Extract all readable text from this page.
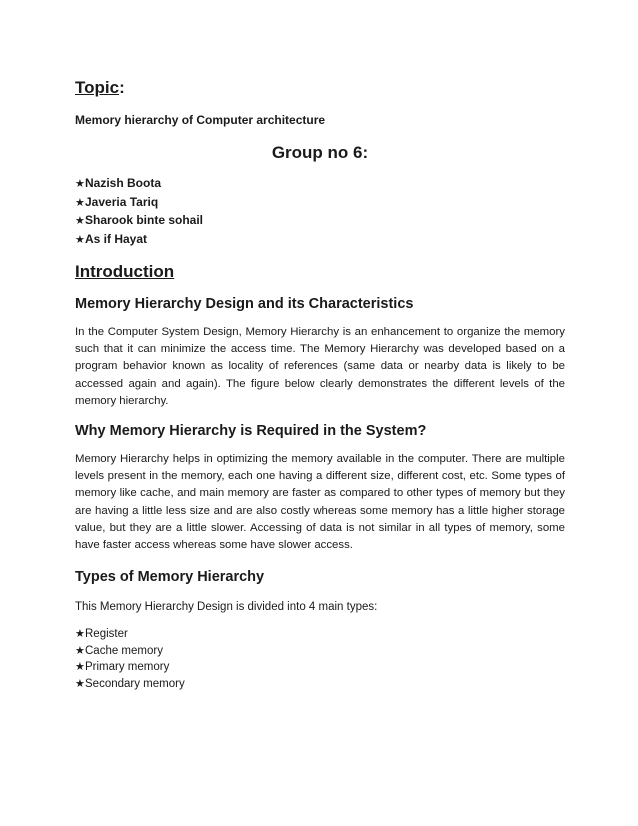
Topic:

Memory hierarchy of Computer architecture

Group no 6:

★Nazish Boota
★Javeria Tariq
★Sharook binte sohail
★As if Hayat

Introduction

Memory Hierarchy Design and its Characteristics

In the Computer System Design, Memory Hierarchy is an enhancement to organize the memory such that it can minimize the access time. The Memory Hierarchy was developed based on a program behavior known as locality of references (same data or nearby data is likely to be accessed again and again). The figure below clearly demonstrates the different levels of the memory hierarchy.

Why Memory Hierarchy is Required in the System?

Memory Hierarchy helps in optimizing the memory available in the computer. There are multiple levels present in the memory, each one having a different size, different cost, etc. Some types of memory like cache, and main memory are faster as compared to other types of memory but they are having a little less size and are also costly whereas some memory has a little higher storage value, but they are a little slower. Accessing of data is not similar in all types of memory, some have faster access whereas some have slower access.

Types of Memory Hierarchy

This Memory Hierarchy Design is divided into 4 main types:

★Register
★Cache memory
★Primary memory
★Secondary memory
